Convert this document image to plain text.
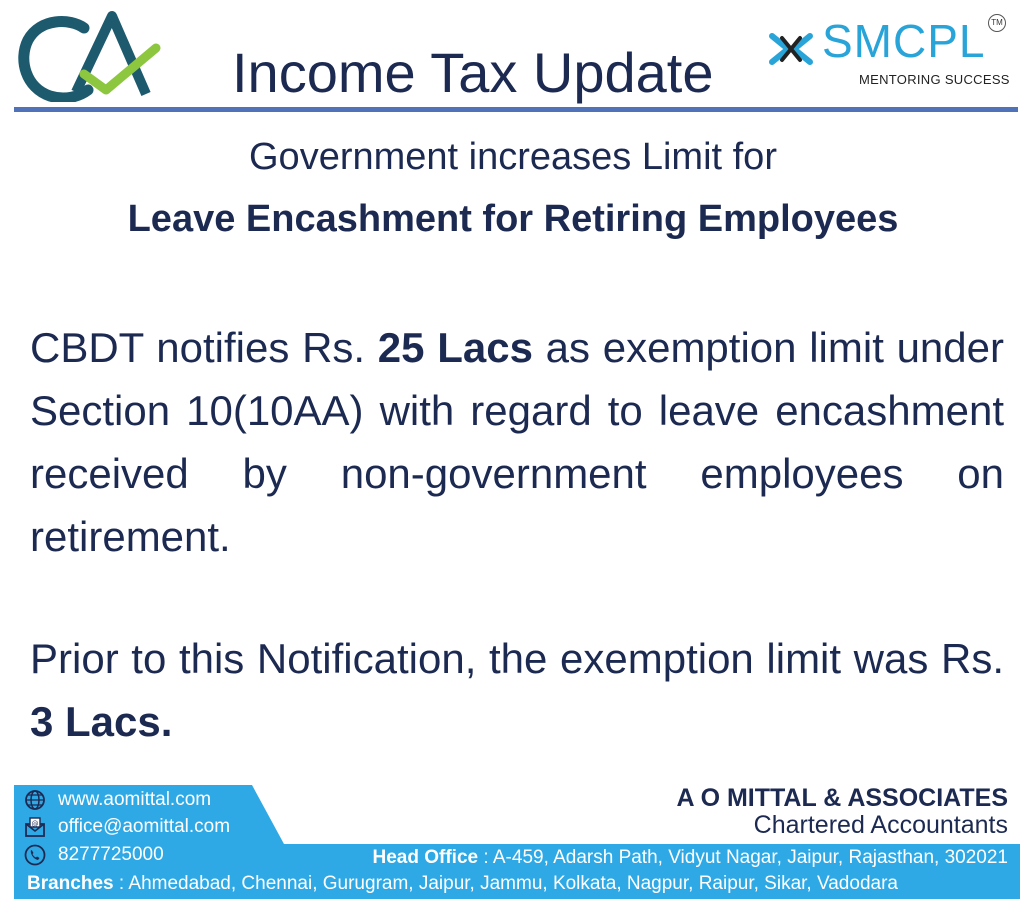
Income Tax Update SMCPL TM
MENTORING SUCCESS
Government increases Limit for
Leave Encashment for Retiring Employees

CBDT notifies Rs. 25 Lacs as exemption limit under Section 10(10AA) with regard to leave encashment received by non-government employees on retirement.

Prior to this Notification, the exemption limit was Rs. 3 Lacs.

www.aomittal.com
@ office@aomittal.com
8277725000
A O MITTAL & ASSOCIATES
Chartered Accountants
Head Office : A-459, Adarsh Path, Vidyut Nagar, Jaipur, Rajasthan, 302021
Branches : Ahmedabad, Chennai, Gurugram, Jaipur, Jammu, Kolkata, Nagpur, Raipur, Sikar, Vadodara
